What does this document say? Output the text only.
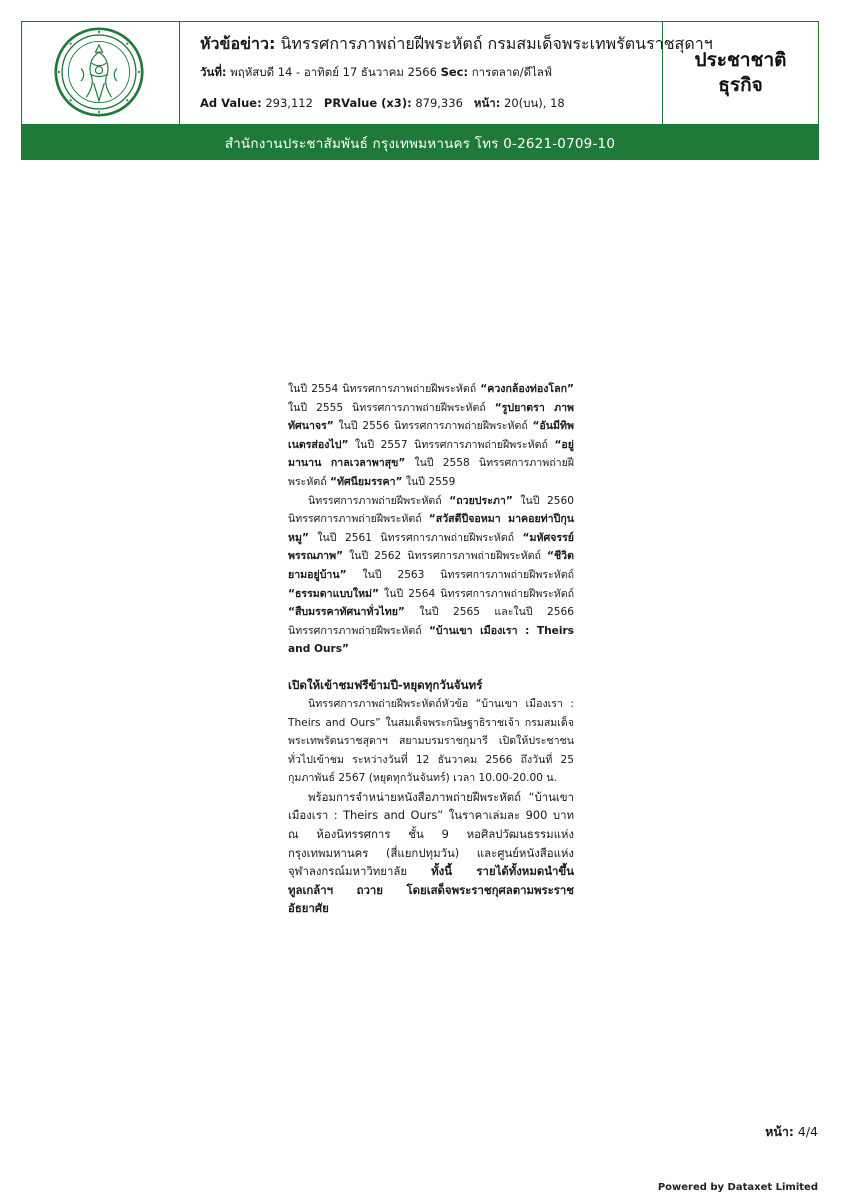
หัวข้อข่าว: นิทรรศการภาพถ่ายฝีพระหัตถ์ กรมสมเด็จพระเทพรัตนราชสุดาฯ
วันที่: พฤหัสบดี 14 - อาทิตย์ 17 ธันวาคม 2566 Sec: การตลาด/ดีไลฟ์
Ad Value: 293,112 PRValue (x3): 879,336 หน้า: 20(บน), 18
ประชาชาติ
ธุรกิจ
สำนักงานประชาสัมพันธ์ กรุงเทพมหานคร โทร 0-2621-0709-10

ในปี 2554 นิทรรศการภาพถ่ายฝีพระหัตถ์ “ควงกล้องท่องโลก” ในปี 2555 นิทรรศการภาพถ่ายฝีพระหัตถ์ “รูปยาตรา ภาพทัศนาจร” ในปี 2556 นิทรรศการภาพถ่ายฝีพระหัตถ์ “อันมีทิพเนตรส่องไป” ในปี 2557 นิทรรศการภาพถ่ายฝีพระหัตถ์ “อยู่มานาน กาลเวลาพาสุข” ในปี 2558 นิทรรศการภาพถ่ายฝีพระหัตถ์ “ทัศนียมรรคา” ในปี 2559

นิทรรศการภาพถ่ายฝีพระหัตถ์ “ถวยประภา” ในปี 2560 นิทรรศการภาพถ่ายฝีพระหัตถ์ “สวัสดีปีจอหมา มาคอยท่าปีกุนหมู” ในปี 2561 นิทรรศการภาพถ่ายฝีพระหัตถ์ “มหัศจรรย์พรรณภาพ” ในปี 2562 นิทรรศการภาพถ่ายฝีพระหัตถ์ “ชีวิตยามอยู่บ้าน” ในปี 2563 นิทรรศการภาพถ่ายฝีพระหัตถ์ “ธรรมดาแบบใหม่” ในปี 2564 นิทรรศการภาพถ่ายฝีพระหัตถ์ “สืบมรรคาทัศนาทั่วไทย” ในปี 2565 และในปี 2566 นิทรรศการภาพถ่ายฝีพระหัตถ์ “บ้านเขา เมืองเรา : Theirs and Ours”

เปิดให้เข้าชมฟรีข้ามปี-หยุดทุกวันจันทร์

นิทรรศการภาพถ่ายฝีพระหัตถ์หัวข้อ “บ้านเขา เมืองเรา : Theirs and Ours” ในสมเด็จพระกนิษฐาธิราชเจ้า กรมสมเด็จพระเทพรัตนราชสุดาฯ สยามบรมราชกุมารี เปิดให้ประชาชนทั่วไปเข้าชม ระหว่างวันที่ 12 ธันวาคม 2566 ถึงวันที่ 25 กุมภาพันธ์ 2567 (หยุดทุกวันจันทร์) เวลา 10.00-20.00 น.

พร้อมการจำหน่ายหนังสือภาพถ่ายฝีพระหัตถ์ “บ้านเขา เมืองเรา : Theirs and Ours” ในราคาเล่มละ 900 บาท ณ ห้องนิทรรศการ ชั้น 9 หอศิลปวัฒนธรรมแห่งกรุงเทพมหานคร (สี่แยกปทุมวัน) และศูนย์หนังสือแห่งจุฬาลงกรณ์มหาวิทยาลัย ทั้งนี้ รายได้ทั้งหมดนำขึ้นทูลเกล้าฯ ถวาย โดยเสด็จพระราชกุศลตามพระราชอัธยาศัย

หน้า: 4/4
Powered by Dataxet Limited
